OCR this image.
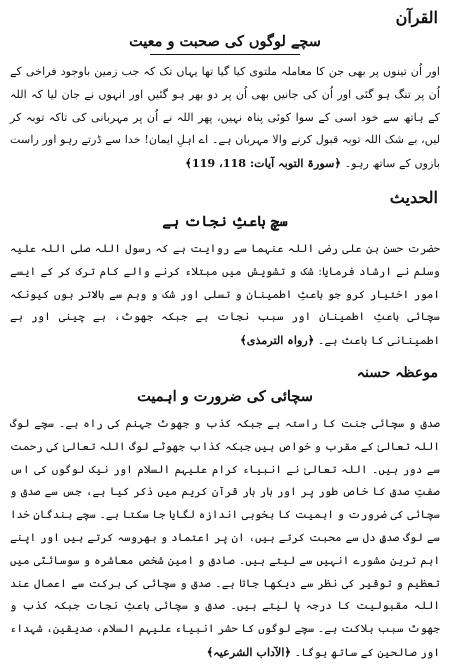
القرآن
سچے لوگوں کی صحبت و معیت

اور اُن تینوں پر بھی جن کا معاملہ ملتوی کیا گیا تھا یہاں تک کہ جب زمین باوجود فراخی کے اُن پر تنگ ہو گئی اور اُن کی جانیں بھی اُن پر دو بھر ہو گئیں اور انہوں نے جان لیا کہ اللہ کے ہاتھ سے خود اسی کے سوا کوئی پناہ نہیں، پھر اللہ نے اُن پر مہربانی کی تاکہ توبہ کر لیں، بے شک اللہ توبہ قبول کرنے والا مہربان ہے۔ اے اہلِ ایمان! خدا سے ڈرتے رہو اور راست بازوں کے ساتھ رہو۔ ﴿سورۃ التوبہ آیات: 118، 119﴾

الحدیث
سچ باعثِ نجات ہے

حضرت حسن بن علی رضی اللہ عنہما سے روایت ہے کہ رسول اللہ صلی اللہ علیہ وسلم نے ارشاد فرمایا: شک و تشویش میں مبتلاء کرنے والے کام ترک کر کے ایسے امور اختیار کرو جو باعثِ اطمینان و تسلی اور شک و وہم سے بالاتر ہوں کیونکہ سچائی باعثِ اطمینان اور سبب نجات ہے جبکہ جھوٹ، بے چینی اور بے اطمینانی کا باعث ہے۔ ﴿رواہ الترمذی﴾

موعظہ حسنہ
سچائی کی ضرورت و اہمیت

صدق و سچائی جنت کا راستہ ہے جبکہ کذب و جھوٹ جہنم کی راہ ہے۔ سچے لوگ اللہ تعالیٰ کے مقرب و خواص ہیں جبکہ کذاب جھوٹے لوگ اللہ تعالیٰ کی رحمت سے دور ہیں۔ اللہ تعالیٰ نے انبیاء کرام علیہم السلام اور نیک لوگوں کی اس صفتِ صدق کا خاص طور پر اور بار بار قرآن کریم میں ذکر کیا ہے، جس سے صدق و سچائی کی ضرورت و اہمیت کا بخوبی اندازہ لگایا جا سکتا ہے۔ سچے بندگانِ خدا سے لوگ صدقِ دل سے محبت کرتے ہیں، ان پر اعتماد و بھروسہ کرتے ہیں اور اپنے اہم ترین مشورے انہیں سے لیتے ہیں۔ صادق و امین شخص معاشرہ و سوسائٹی میں تعظیم و توقیر کی نظر سے دیکھا جاتا ہے۔ صدق و سچائی کی برکت سے اعمال عند اللہ مقبولیت کا درجہ پا لیتے ہیں۔ صدق و سچائی باعثِ نجات جبکہ کذب و جھوٹ سبب ہلاکت ہے۔ سچے لوگوں کا حشر انبیاء علیہم السلام، صدیقین، شہداء اور صالحین کے ساتھ ہوگا۔ ﴿الآداب الشرعیہ﴾
